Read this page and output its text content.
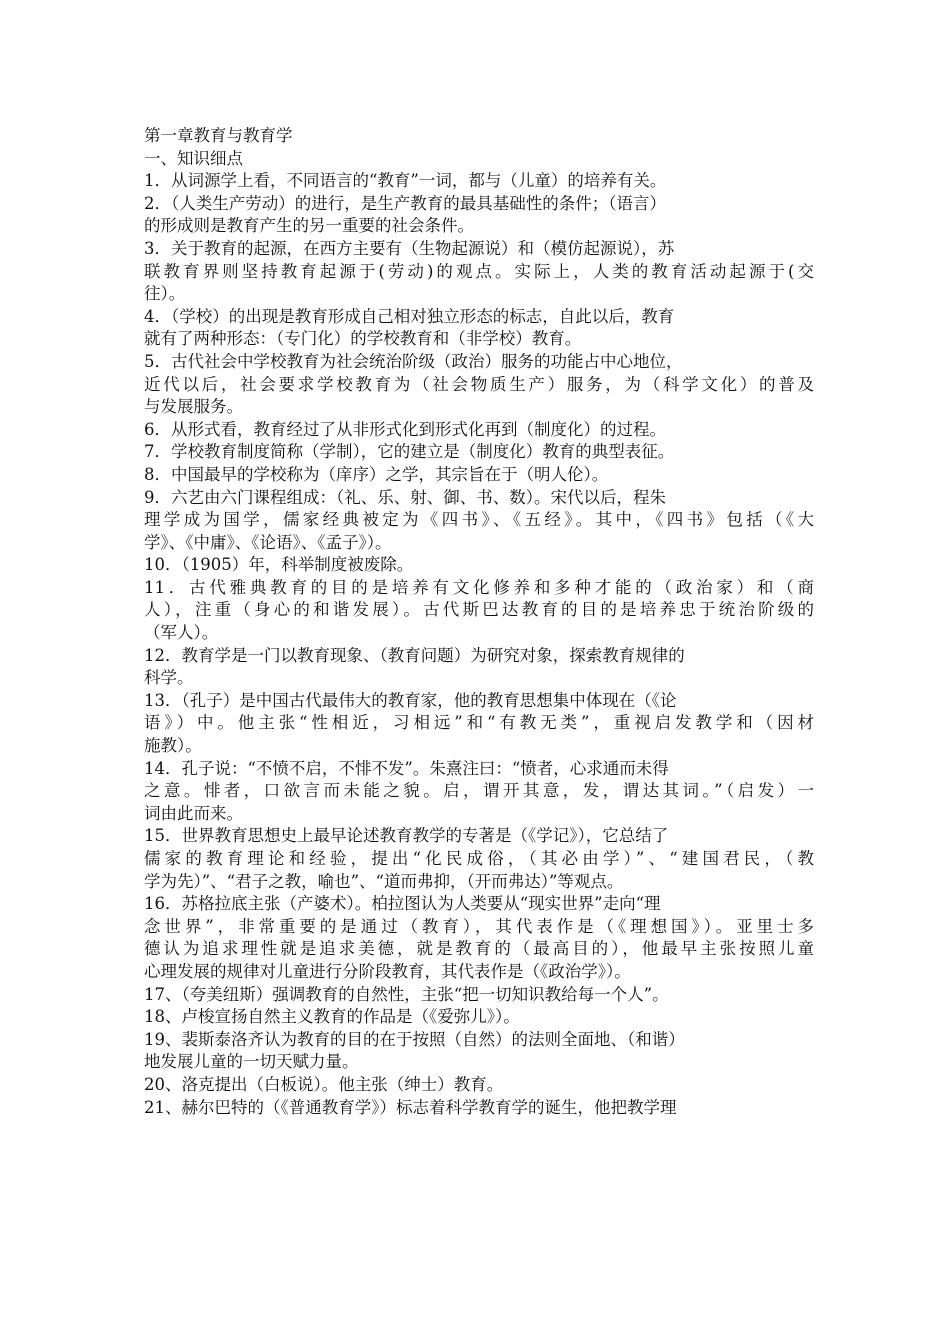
第一章教育与教育学
一、知识细点
1．从词源学上看，不同语言的“教育”一词，都与（儿童）的培养有关。
2．（人类生产劳动）的进行，是生产教育的最具基础性的条件；（语言）
的形成则是教育产生的另一重要的社会条件。
3．关于教育的起源，在西方主要有（生物起源说）和（模仿起源说），苏
联教育界则坚持教育起源于(劳动)的观点。实际上，人类的教育活动起源于(交
往）。
4．（学校）的出现是教育形成自己相对独立形态的标志，自此以后，教育
就有了两种形态：（专门化）的学校教育和（非学校）教育。
5．古代社会中学校教育为社会统治阶级（政治）服务的功能占中心地位，
近代以后，社会要求学校教育为（社会物质生产）服务，为（科学文化）的普及
与发展服务。
6．从形式看，教育经过了从非形式化到形式化再到（制度化）的过程。
7．学校教育制度简称（学制），它的建立是（制度化）教育的典型表征。
8．中国最早的学校称为（庠序）之学，其宗旨在于（明人伦）。
9．六艺由六门课程组成：（礼、乐、射、御、书、数）。宋代以后，程朱
理学成为国学，儒家经典被定为《四书》、《五经》。其中，《四书》包括（《大
学》、《中庸》、《论语》、《孟子》）。
10．（1905）年，科举制度被废除。
11．古代雅典教育的目的是培养有文化修养和多种才能的（政治家）和（商
人），注重（身心的和谐发展）。古代斯巴达教育的目的是培养忠于统治阶级的
（军人）。
12．教育学是一门以教育现象、（教育问题）为研究对象，探索教育规律的
科学。
13．（孔子）是中国古代最伟大的教育家，他的教育思想集中体现在（《论
语》）中。他主张“性相近，习相远”和“有教无类”，重视启发教学和（因材
施教）。
14．孔子说：“不愤不启，不悱不发”。朱熹注曰：“愤者，心求通而未得
之意。悱者，口欲言而未能之貌。启，谓开其意，发，谓达其词。”（启发）一
词由此而来。
15．世界教育思想史上最早论述教育教学的专著是（《学记》），它总结了
儒家的教育理论和经验，提出“化民成俗，（其必由学）”、“建国君民，（教
学为先）”、“君子之教，喻也”、“道而弗抑，（开而弗达）”等观点。
16．苏格拉底主张（产婆术）。柏拉图认为人类要从“现实世界”走向“理
念世界”，非常重要的是通过（教育），其代表作是（《理想国》）。亚里士多
德认为追求理性就是追求美德，就是教育的（最高目的），他最早主张按照儿童
心理发展的规律对儿童进行分阶段教育，其代表作是（《政治学》）。
17、（夸美纽斯）强调教育的自然性，主张“把一切知识教给每一个人”。
18、卢梭宣扬自然主义教育的作品是（《爱弥儿》）。
19、裴斯泰洛齐认为教育的目的在于按照（自然）的法则全面地、（和谐）
地发展儿童的一切天赋力量。
20、洛克提出（白板说）。他主张（绅士）教育。
21、赫尔巴特的（《普通教育学》）标志着科学教育学的诞生，他把教学理
